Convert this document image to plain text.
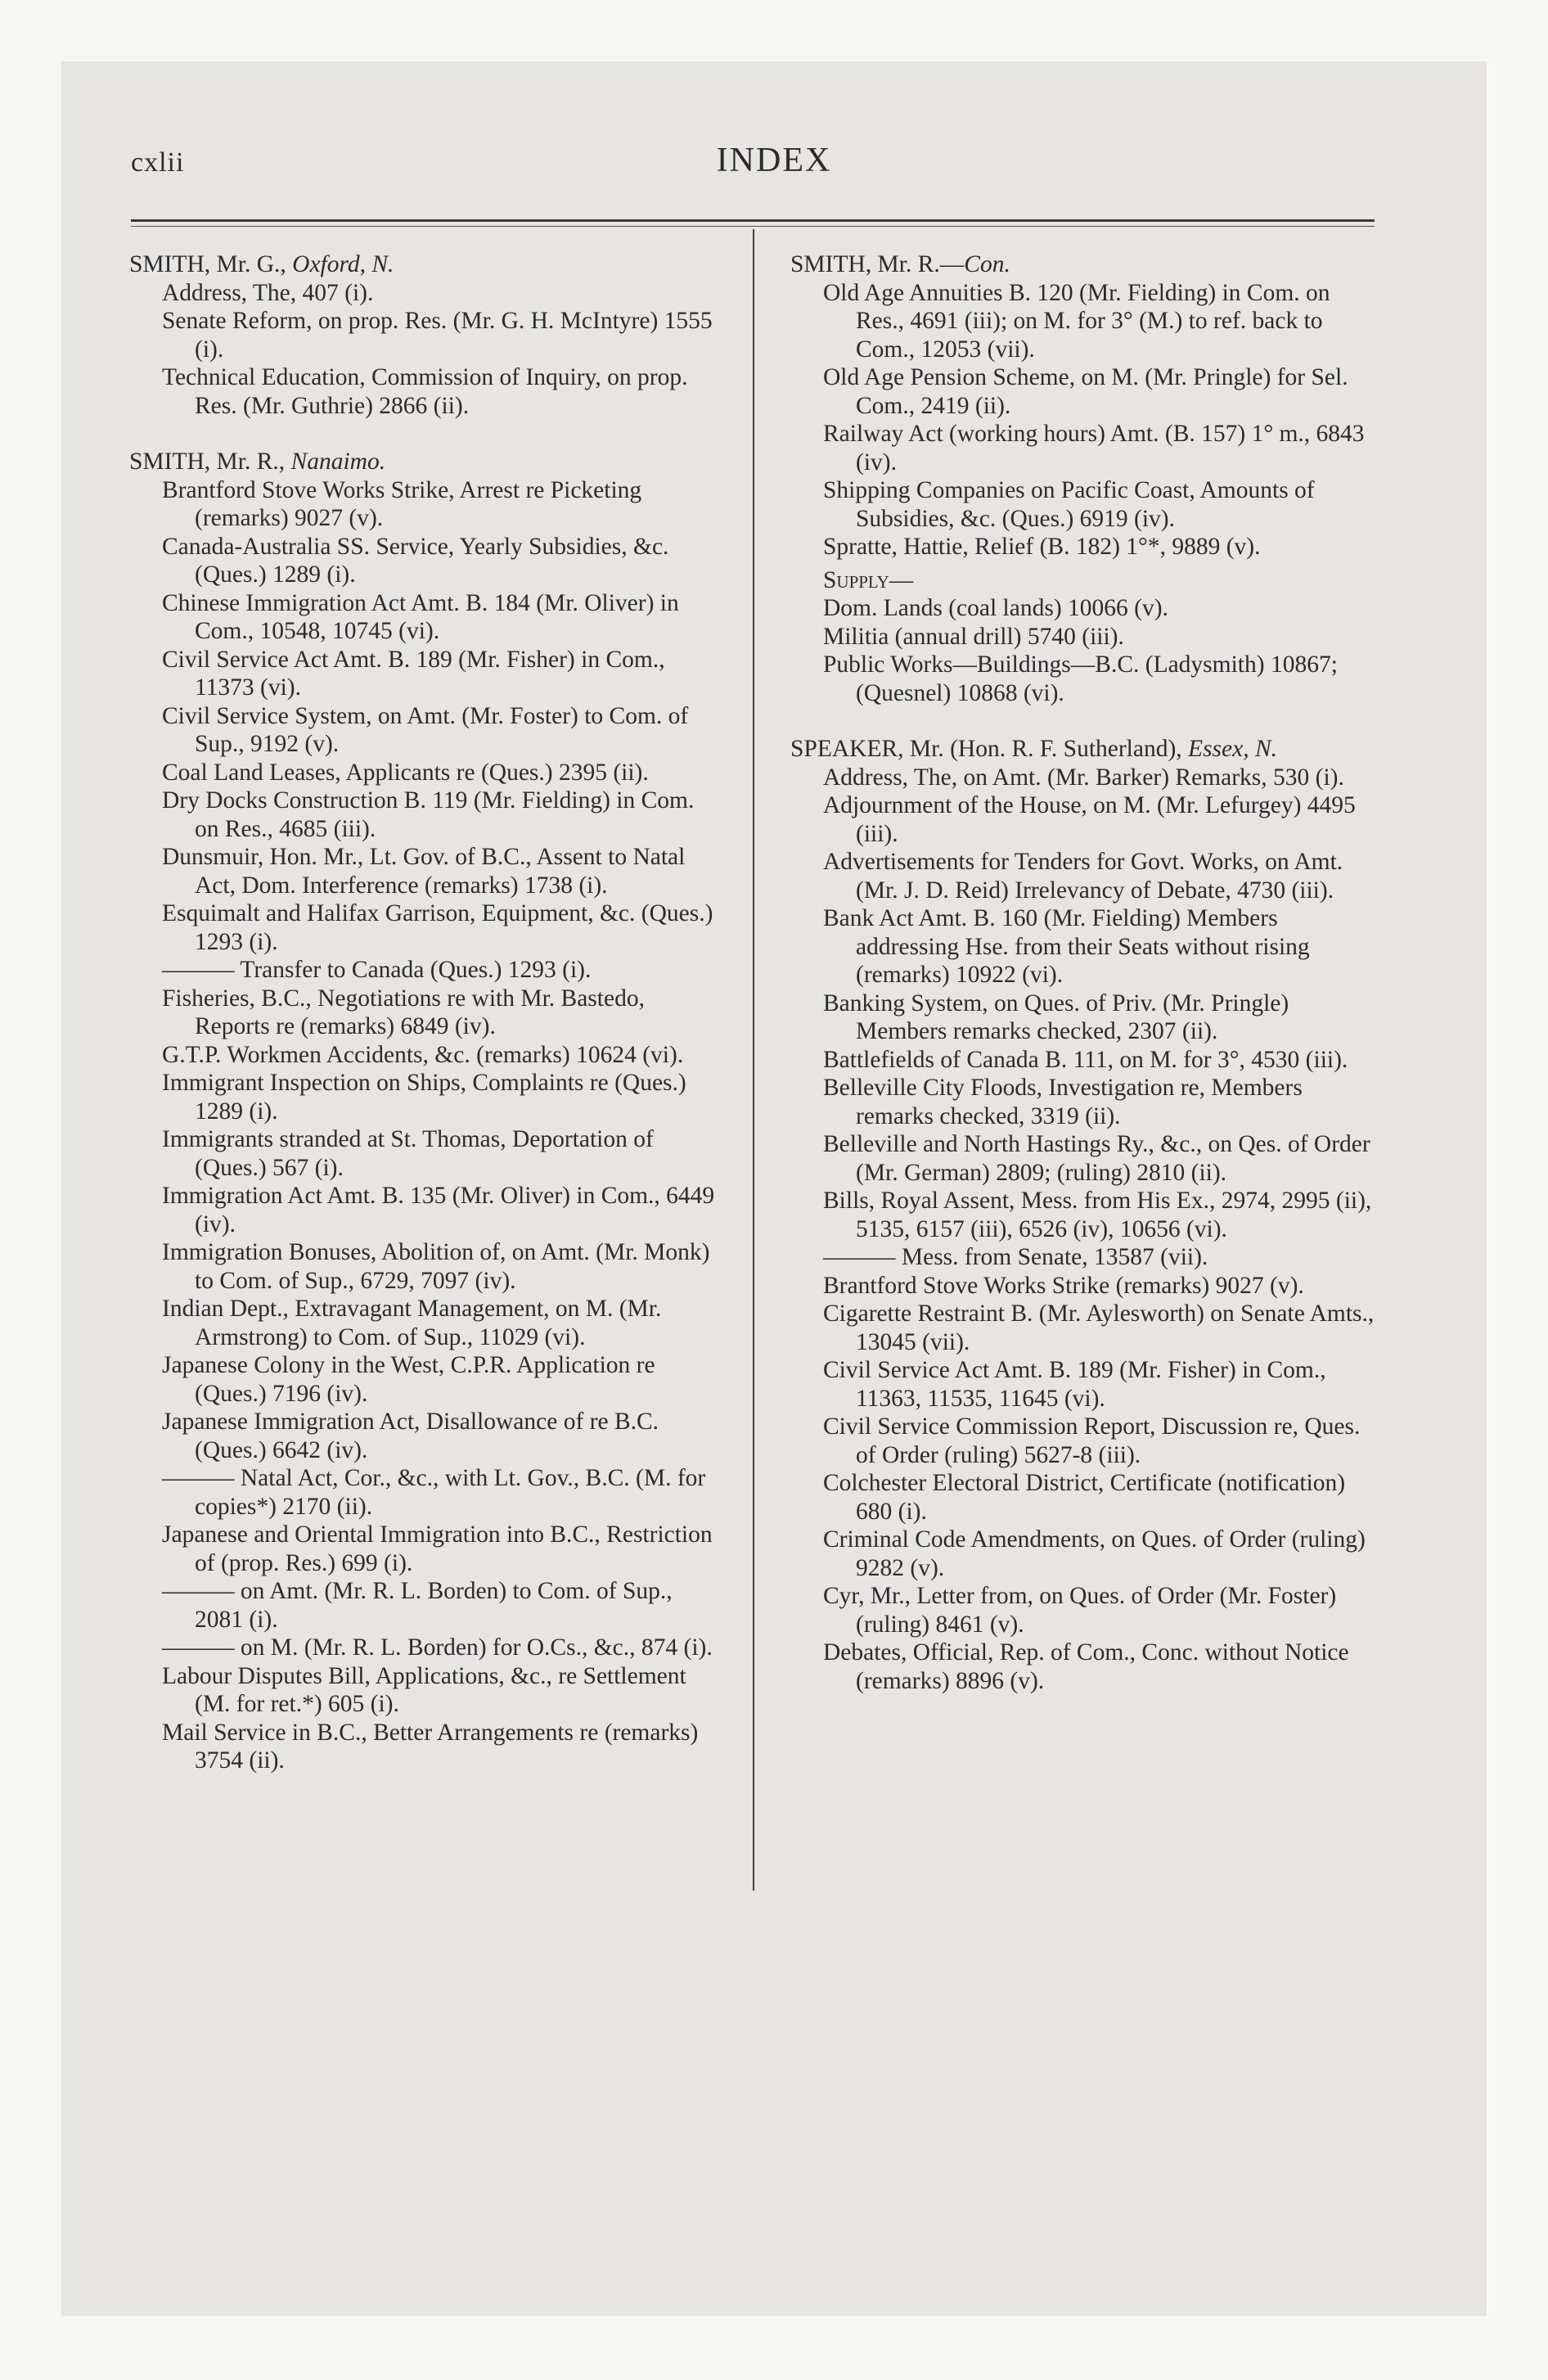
cxlii	INDEX

SMITH, Mr. G., Oxford, N.

Address, The, 407 (i).

Senate Reform, on prop. Res. (Mr. G. H. McIntyre) 1555 (i).

Technical Education, Commission of Inquiry, on prop. Res. (Mr. Guthrie) 2866 (ii).

SMITH, Mr. R., Nanaimo.

Brantford Stove Works Strike, Arrest re Picketing (remarks) 9027 (v).

Canada-Australia SS. Service, Yearly Subsidies, &c. (Ques.) 1289 (i).

Chinese Immigration Act Amt. B. 184 (Mr. Oliver) in Com., 10548, 10745 (vi).

Civil Service Act Amt. B. 189 (Mr. Fisher) in Com., 11373 (vi).

Civil Service System, on Amt. (Mr. Foster) to Com. of Sup., 9192 (v).

Coal Land Leases, Applicants re (Ques.) 2395 (ii).

Dry Docks Construction B. 119 (Mr. Fielding) in Com. on Res., 4685 (iii).

Dunsmuir, Hon. Mr., Lt. Gov. of B.C., Assent to Natal Act, Dom. Interference (remarks) 1738 (i).

Esquimalt and Halifax Garrison, Equipment, &c. (Ques.) 1293 (i).

——— Transfer to Canada (Ques.) 1293 (i).

Fisheries, B.C., Negotiations re with Mr. Bastedo, Reports re (remarks) 6849 (iv).

G.T.P. Workmen Accidents, &c. (remarks) 10624 (vi).

Immigrant Inspection on Ships, Complaints re (Ques.) 1289 (i).

Immigrants stranded at St. Thomas, Deportation of (Ques.) 567 (i).

Immigration Act Amt. B. 135 (Mr. Oliver) in Com., 6449 (iv).

Immigration Bonuses, Abolition of, on Amt. (Mr. Monk) to Com. of Sup., 6729, 7097 (iv).

Indian Dept., Extravagant Management, on M. (Mr. Armstrong) to Com. of Sup., 11029 (vi).

Japanese Colony in the West, C.P.R. Application re (Ques.) 7196 (iv).

Japanese Immigration Act, Disallowance of re B.C. (Ques.) 6642 (iv).

——— Natal Act, Cor., &c., with Lt. Gov., B.C. (M. for copies*) 2170 (ii).

Japanese and Oriental Immigration into B.C., Restriction of (prop. Res.) 699 (i).

——— on Amt. (Mr. R. L. Borden) to Com. of Sup., 2081 (i).

——— on M. (Mr. R. L. Borden) for O.Cs., &c., 874 (i).

Labour Disputes Bill, Applications, &c., re Settlement (M. for ret.*) 605 (i).

Mail Service in B.C., Better Arrangements re (remarks) 3754 (ii).

SMITH, Mr. R.—Con.

Old Age Annuities B. 120 (Mr. Fielding) in Com. on Res., 4691 (iii); on M. for 3° (M.) to ref. back to Com., 12053 (vii).

Old Age Pension Scheme, on M. (Mr. Pringle) for Sel. Com., 2419 (ii).

Railway Act (working hours) Amt. (B. 157) 1° m., 6843 (iv).

Shipping Companies on Pacific Coast, Amounts of Subsidies, &c. (Ques.) 6919 (iv).

Spratte, Hattie, Relief (B. 182) 1°*, 9889 (v).

Supply—

Dom. Lands (coal lands) 10066 (v).

Militia (annual drill) 5740 (iii).

Public Works—Buildings—B.C. (Ladysmith) 10867; (Quesnel) 10868 (vi).

SPEAKER, Mr. (Hon. R. F. Sutherland), Essex, N.

Address, The, on Amt. (Mr. Barker) Remarks, 530 (i).

Adjournment of the House, on M. (Mr. Lefurgey) 4495 (iii).

Advertisements for Tenders for Govt. Works, on Amt. (Mr. J. D. Reid) Irrelevancy of Debate, 4730 (iii).

Bank Act Amt. B. 160 (Mr. Fielding) Members addressing Hse. from their Seats without rising (remarks) 10922 (vi).

Banking System, on Ques. of Priv. (Mr. Pringle) Members remarks checked, 2307 (ii).

Battlefields of Canada B. 111, on M. for 3°, 4530 (iii).

Belleville City Floods, Investigation re, Members remarks checked, 3319 (ii).

Belleville and North Hastings Ry., &c., on Qes. of Order (Mr. German) 2809; (ruling) 2810 (ii).

Bills, Royal Assent, Mess. from His Ex., 2974, 2995 (ii), 5135, 6157 (iii), 6526 (iv), 10656 (vi).

——— Mess. from Senate, 13587 (vii).

Brantford Stove Works Strike (remarks) 9027 (v).

Cigarette Restraint B. (Mr. Aylesworth) on Senate Amts., 13045 (vii).

Civil Service Act Amt. B. 189 (Mr. Fisher) in Com., 11363, 11535, 11645 (vi).

Civil Service Commission Report, Discussion re, Ques. of Order (ruling) 5627-8 (iii).

Colchester Electoral District, Certificate (notification) 680 (i).

Criminal Code Amendments, on Ques. of Order (ruling) 9282 (v).

Cyr, Mr., Letter from, on Ques. of Order (Mr. Foster) (ruling) 8461 (v).

Debates, Official, Rep. of Com., Conc. without Notice (remarks) 8896 (v).
